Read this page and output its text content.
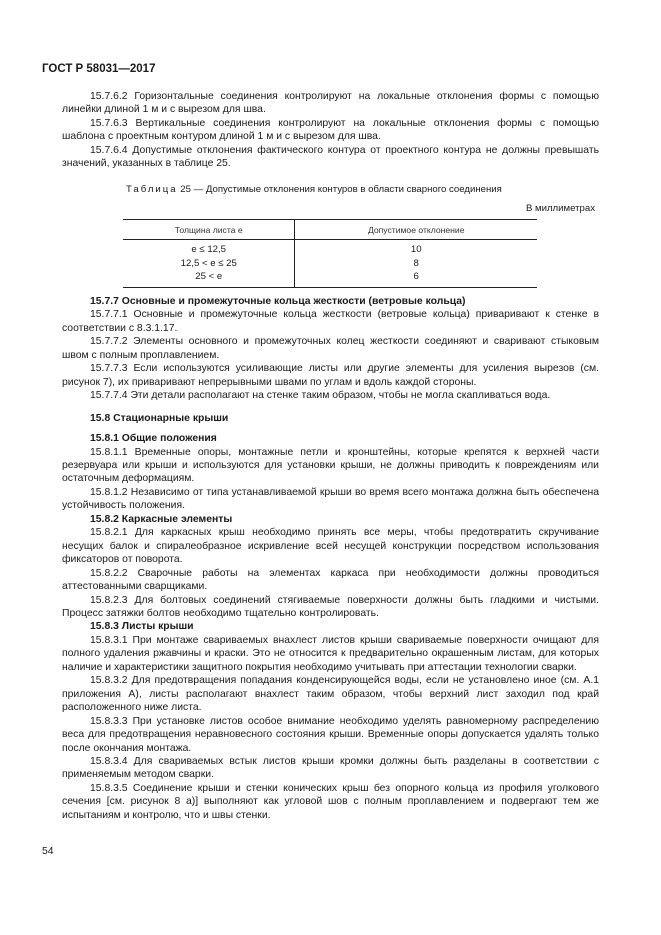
ГОСТ Р 58031—2017

15.7.6.2 Горизонтальные соединения контролируют на локальные отклонения формы с помощью линейки длиной 1 м и с вырезом для шва.

15.7.6.3 Вертикальные соединения контролируют на локальные отклонения формы с помощью шаблона с проектным контуром длиной 1 м и с вырезом для шва.

15.7.6.4 Допустимые отклонения фактического контура от проектного контура не должны превышать значений, указанных в таблице 25.

Таблица 25 — Допустимые отклонения контуров в области сварного соединения
В миллиметрах
Толщина листа e	Допустимое отклонение
e ≤ 12,5	10
12,5 < e ≤ 25	8
25 < e	6

15.7.7 Основные и промежуточные кольца жесткости (ветровые кольца)

15.7.7.1 Основные и промежуточные кольца жесткости (ветровые кольца) приваривают к стенке в соответствии с 8.3.1.17.

15.7.7.2 Элементы основного и промежуточных колец жесткости соединяют и сваривают стыковым швом с полным проплавлением.

15.7.7.3 Если используются усиливающие листы или другие элементы для усиления вырезов (см. рисунок 7), их приваривают непрерывными швами по углам и вдоль каждой стороны.

15.7.7.4 Эти детали располагают на стенке таким образом, чтобы не могла скапливаться вода.

15.8 Стационарные крыши

15.8.1 Общие положения

15.8.1.1 Временные опоры, монтажные петли и кронштейны, которые крепятся к верхней части резервуара или крыши и используются для установки крыши, не должны приводить к повреждениям или остаточным деформациям.

15.8.1.2 Независимо от типа устанавливаемой крыши во время всего монтажа должна быть обеспечена устойчивость положения.

15.8.2 Каркасные элементы

15.8.2.1 Для каркасных крыш необходимо принять все меры, чтобы предотвратить скручивание несущих балок и спиралеобразное искривление всей несущей конструкции посредством использования фиксаторов от поворота.

15.8.2.2 Сварочные работы на элементах каркаса при необходимости должны проводиться аттестованными сварщиками.

15.8.2.3 Для болтовых соединений стягиваемые поверхности должны быть гладкими и чистыми. Процесс затяжки болтов необходимо тщательно контролировать.

15.8.3 Листы крыши

15.8.3.1 При монтаже свариваемых внахлест листов крыши свариваемые поверхности очищают для полного удаления ржавчины и краски. Это не относится к предварительно окрашенным листам, для которых наличие и характеристики защитного покрытия необходимо учитывать при аттестации технологии сварки.

15.8.3.2 Для предотвращения попадания конденсирующейся воды, если не установлено иное (см. А.1 приложения А), листы располагают внахлест таким образом, чтобы верхний лист заходил под край расположенного ниже листа.

15.8.3.3 При установке листов особое внимание необходимо уделять равномерному распределению веса для предотвращения неравновесного состояния крыши. Временные опоры допускается удалять только после окончания монтажа.

15.8.3.4 Для свариваемых встык листов крыши кромки должны быть разделаны в соответствии с применяемым методом сварки.

15.8.3.5 Соединение крыши и стенки конических крыш без опорного кольца из профиля уголкового сечения [см. рисунок 8 а)] выполняют как угловой шов с полным проплавлением и подвергают тем же испытаниям и контролю, что и швы стенки.

54
